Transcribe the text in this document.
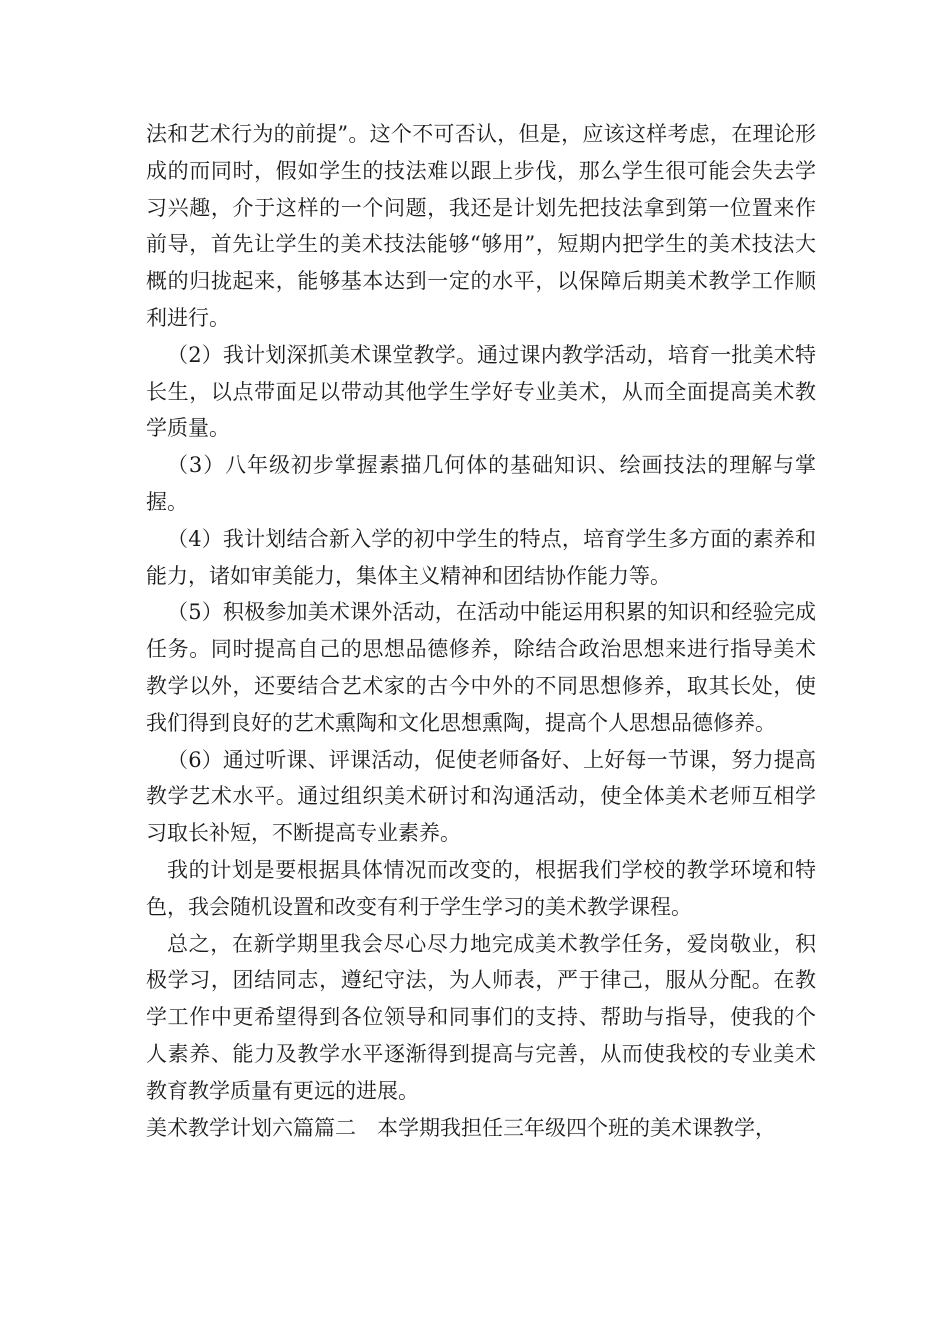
法和艺术行为的前提”。这个不可否认，但是，应该这样考虑，在理论形成的而同时，假如学生的技法难以跟上步伐，那么学生很可能会失去学习兴趣，介于这样的一个问题，我还是计划先把技法拿到第一位置来作前导，首先让学生的美术技法能够“够用”，短期内把学生的美术技法大概的归拢起来，能够基本达到一定的水平，以保障后期美术教学工作顺利进行。

（2）我计划深抓美术课堂教学。通过课内教学活动，培育一批美术特长生，以点带面足以带动其他学生学好专业美术，从而全面提高美术教学质量。

（3）八年级初步掌握素描几何体的基础知识、绘画技法的理解与掌握。

（4）我计划结合新入学的初中学生的特点，培育学生多方面的素养和能力，诸如审美能力，集体主义精神和团结协作能力等。

（5）积极参加美术课外活动，在活动中能运用积累的知识和经验完成任务。同时提高自己的思想品德修养，除结合政治思想来进行指导美术教学以外，还要结合艺术家的古今中外的不同思想修养，取其长处，使我们得到良好的艺术熏陶和文化思想熏陶，提高个人思想品德修养。

（6）通过听课、评课活动，促使老师备好、上好每一节课，努力提高教学艺术水平。通过组织美术研讨和沟通活动，使全体美术老师互相学习取长补短，不断提高专业素养。

我的计划是要根据具体情况而改变的，根据我们学校的教学环境和特色，我会随机设置和改变有利于学生学习的美术教学课程。

总之，在新学期里我会尽心尽力地完成美术教学任务，爱岗敬业，积极学习，团结同志，遵纪守法，为人师表，严于律己，服从分配。在教学工作中更希望得到各位领导和同事们的支持、帮助与指导，使我的个人素养、能力及教学水平逐渐得到提高与完善，从而使我校的专业美术教育教学质量有更远的进展。

美术教学计划六篇篇二　本学期我担任三年级四个班的美术课教学，
